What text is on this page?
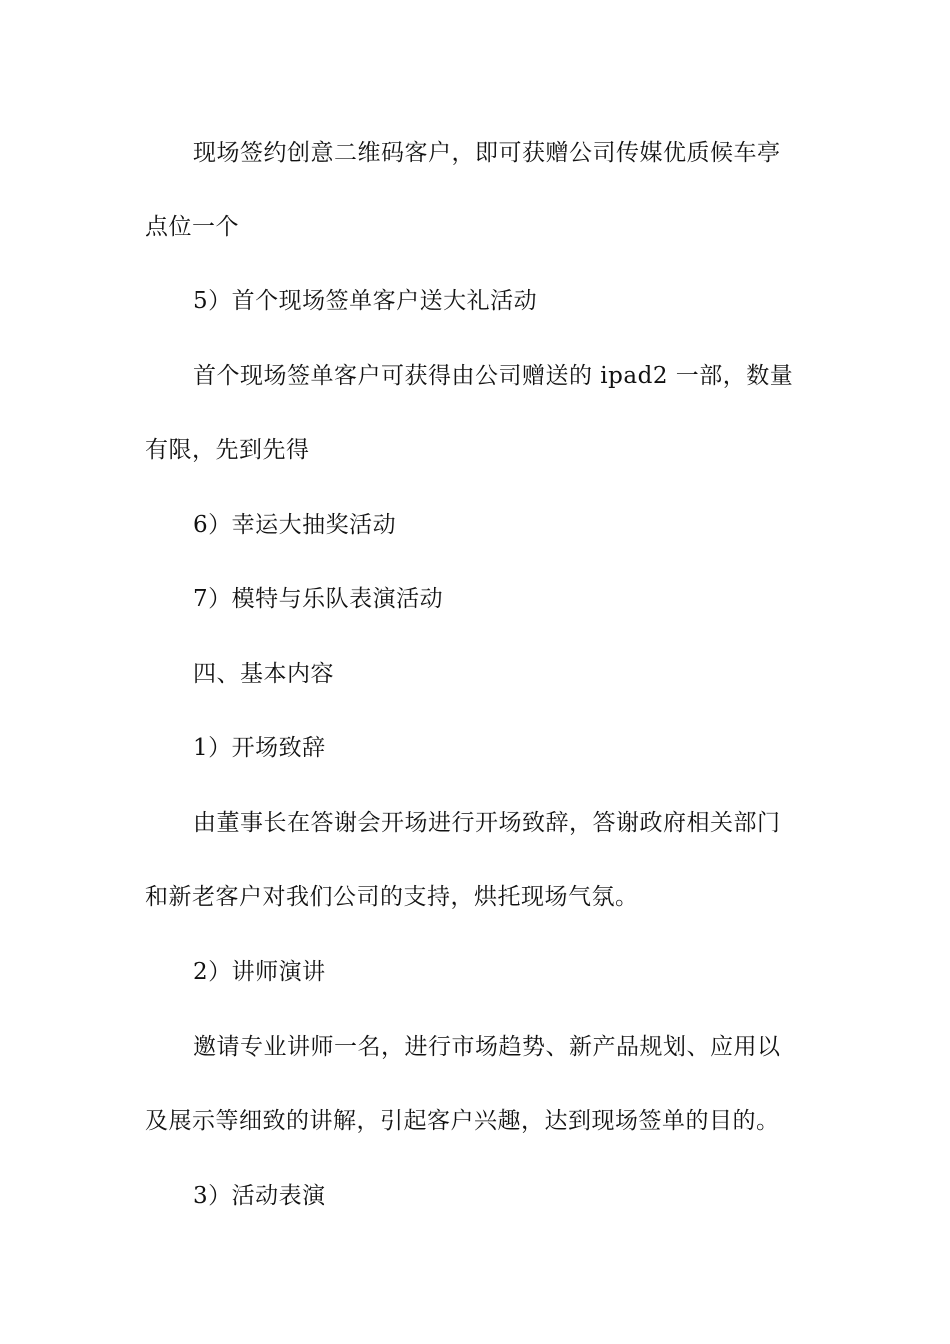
现场签约创意二维码客户，即可获赠公司传媒优质候车亭

点位一个

5）首个现场签单客户送大礼活动

首个现场签单客户可获得由公司赠送的 ipad2 一部，数量

有限，先到先得

6）幸运大抽奖活动

7）模特与乐队表演活动

四、基本内容

1）开场致辞

由董事长在答谢会开场进行开场致辞，答谢政府相关部门

和新老客户对我们公司的支持，烘托现场气氛。

2）讲师演讲

邀请专业讲师一名，进行市场趋势、新产品规划、应用以

及展示等细致的讲解，引起客户兴趣，达到现场签单的目的。

3）活动表演
